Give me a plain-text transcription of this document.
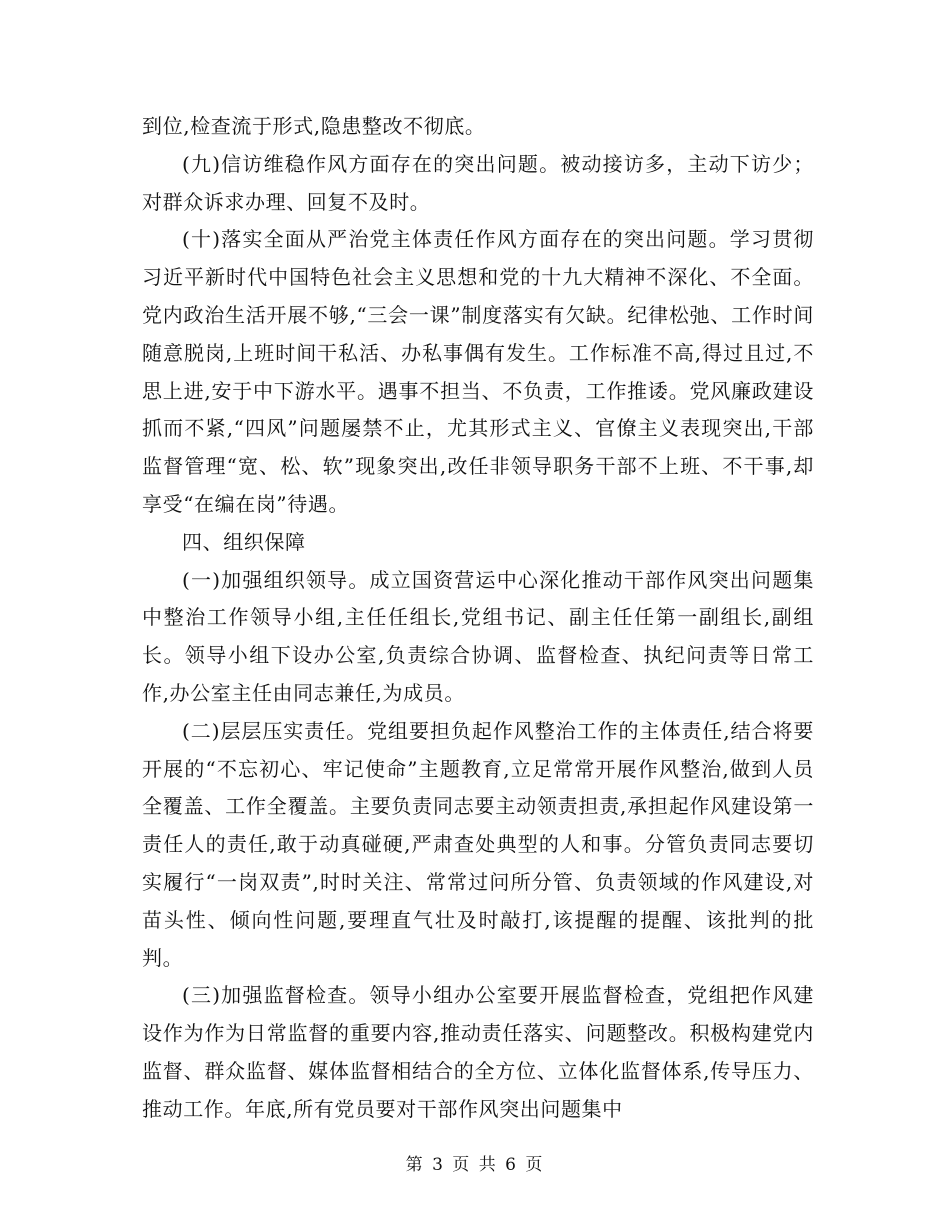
到位,检查流于形式,隐患整改不彻底。

(九)信访维稳作风方面存在的突出问题。被动接访多，主动下访少；对群众诉求办理、回复不及时。

(十)落实全面从严治党主体责任作风方面存在的突出问题。学习贯彻习近平新时代中国特色社会主义思想和党的十九大精神不深化、不全面。党内政治生活开展不够,“三会一课”制度落实有欠缺。纪律松弛、工作时间随意脱岗,上班时间干私活、办私事偶有发生。工作标准不高,得过且过,不思上进,安于中下游水平。遇事不担当、不负责，工作推诿。党风廉政建设抓而不紧,“四风”问题屡禁不止，尤其形式主义、官僚主义表现突出,干部监督管理“宽、松、软”现象突出,改任非领导职务干部不上班、不干事,却享受“在编在岗”待遇。

四、组织保障

(一)加强组织领导。成立国资营运中心深化推动干部作风突出问题集中整治工作领导小组,主任任组长,党组书记、副主任任第一副组长,副组长。领导小组下设办公室,负责综合协调、监督检查、执纪问责等日常工作,办公室主任由同志兼任,为成员。

(二)层层压实责任。党组要担负起作风整治工作的主体责任,结合将要开展的“不忘初心、牢记使命”主题教育,立足常常开展作风整治,做到人员全覆盖、工作全覆盖。主要负责同志要主动领责担责,承担起作风建设第一责任人的责任,敢于动真碰硬,严肃查处典型的人和事。分管负责同志要切实履行“一岗双责”,时时关注、常常过问所分管、负责领域的作风建设,对苗头性、倾向性问题,要理直气壮及时敲打,该提醒的提醒、该批判的批判。

(三)加强监督检查。领导小组办公室要开展监督检查，党组把作风建设作为作为日常监督的重要内容,推动责任落实、问题整改。积极构建党内监督、群众监督、媒体监督相结合的全方位、立体化监督体系,传导压力、推动工作。年底,所有党员要对干部作风突出问题集中

第 3 页 共 6 页
